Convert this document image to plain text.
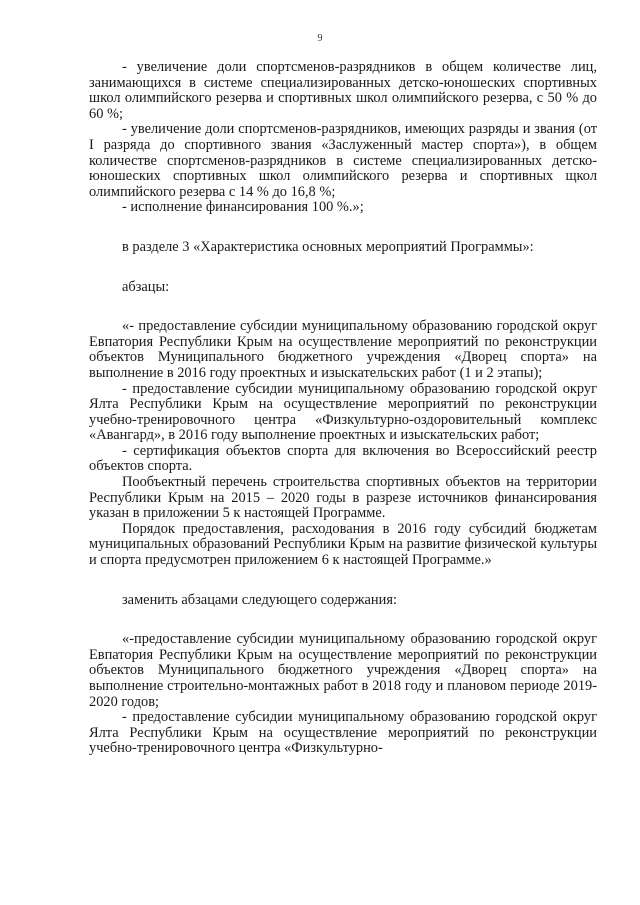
9

- увеличение доли спортсменов-разрядников в общем количестве лиц, занимающихся в системе специализированных детско-юношеских спортивных школ олимпийского резерва и спортивных школ олимпийского резерва, с 50 % до 60 %;

- увеличение доли спортсменов-разрядников, имеющих разряды и звания (от I разряда до спортивного звания «Заслуженный мастер спорта»), в общем количестве спортсменов-разрядников в системе специализированных детско-юношеских спортивных школ олимпийского резерва и спортивных щкол олимпийского резерва с 14 % до 16,8 %;

- исполнение финансирования 100 %.»;

в разделе 3 «Характеристика основных мероприятий Программы»:

абзацы:

«- предоставление субсидии муниципальному образованию городской округ Евпатория Республики Крым на осуществление мероприятий по реконструкции объектов Муниципального бюджетного учреждения «Дворец спорта» на выполнение в 2016 году проектных и изыскательских работ (1 и 2 этапы);

- предоставление субсидии муниципальному образованию городской округ Ялта Республики Крым на осуществление мероприятий по реконструкции учебно-тренировочного центра «Физкультурно-оздоровительный комплекс «Авангард», в 2016 году выполнение проектных и изыскательских работ;

- сертификация объектов спорта для включения во Всероссийский реестр объектов спорта.

Пообъектный перечень строительства спортивных объектов на территории Республики Крым на 2015 – 2020 годы в разрезе источников финансирования указан в приложении 5 к настоящей Программе.

Порядок предоставления, расходования в 2016 году субсидий бюджетам муниципальных образований Республики Крым на развитие физической культуры и спорта предусмотрен приложением 6 к настоящей Программе.»

заменить абзацами следующего содержания:

«-предоставление субсидии муниципальному образованию городской округ Евпатория Республики Крым на осуществление мероприятий по реконструкции объектов Муниципального бюджетного учреждения «Дворец спорта» на выполнение строительно-монтажных работ в 2018 году и плановом периоде 2019- 2020 годов;

- предоставление субсидии муниципальному образованию городской округ Ялта Республики Крым на осуществление мероприятий по реконструкции учебно-тренировочного центра «Физкультурно-
